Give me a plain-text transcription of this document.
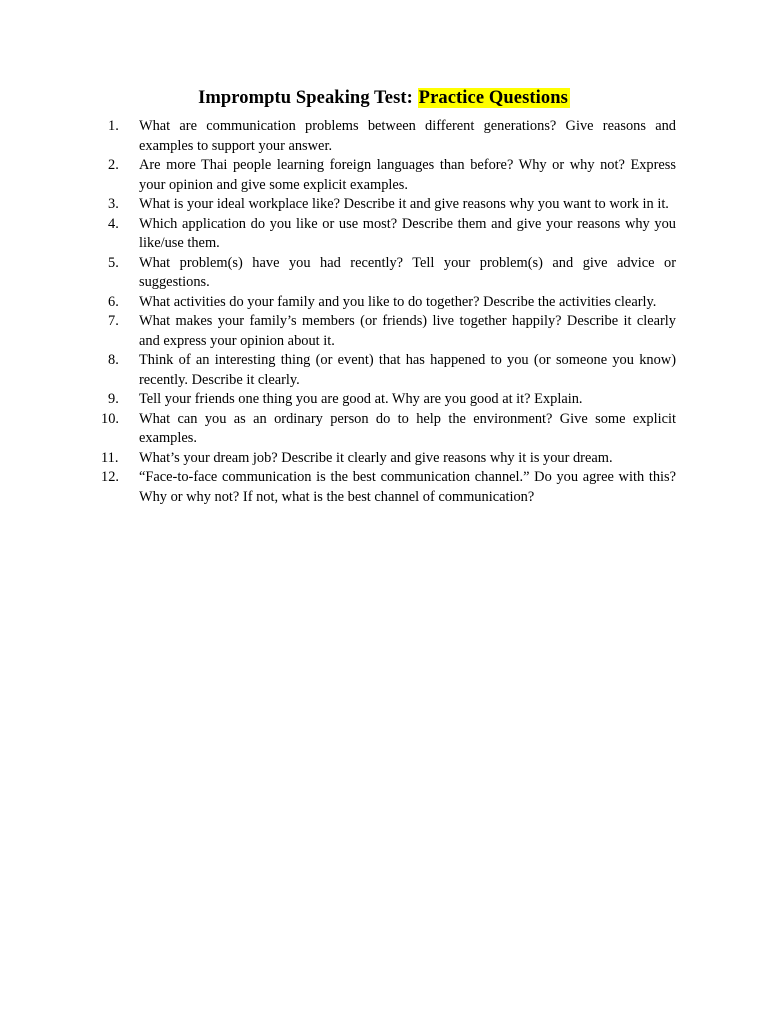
Impromptu Speaking Test: Practice Questions
1.	What are communication problems between different generations? Give reasons and examples to support your answer.
2.	Are more Thai people learning foreign languages than before? Why or why not? Express your opinion and give some explicit examples.
3.	What is your ideal workplace like? Describe it and give reasons why you want to work in it.
4.	Which application do you like or use most? Describe them and give your reasons why you like/use them.
5.	What problem(s) have you had recently? Tell your problem(s) and give advice or suggestions.
6.	What activities do your family and you like to do together? Describe the activities clearly.
7.	What makes your family’s members (or friends) live together happily? Describe it clearly and express your opinion about it.
8.	Think of an interesting thing (or event) that has happened to you (or someone you know) recently. Describe it clearly.
9.	Tell your friends one thing you are good at. Why are you good at it? Explain.
10.	What can you as an ordinary person do to help the environment? Give some explicit examples.
11.	What’s your dream job? Describe it clearly and give reasons why it is your dream.
12.	“Face-to-face communication is the best communication channel.” Do you agree with this? Why or why not? If not, what is the best channel of communication?
